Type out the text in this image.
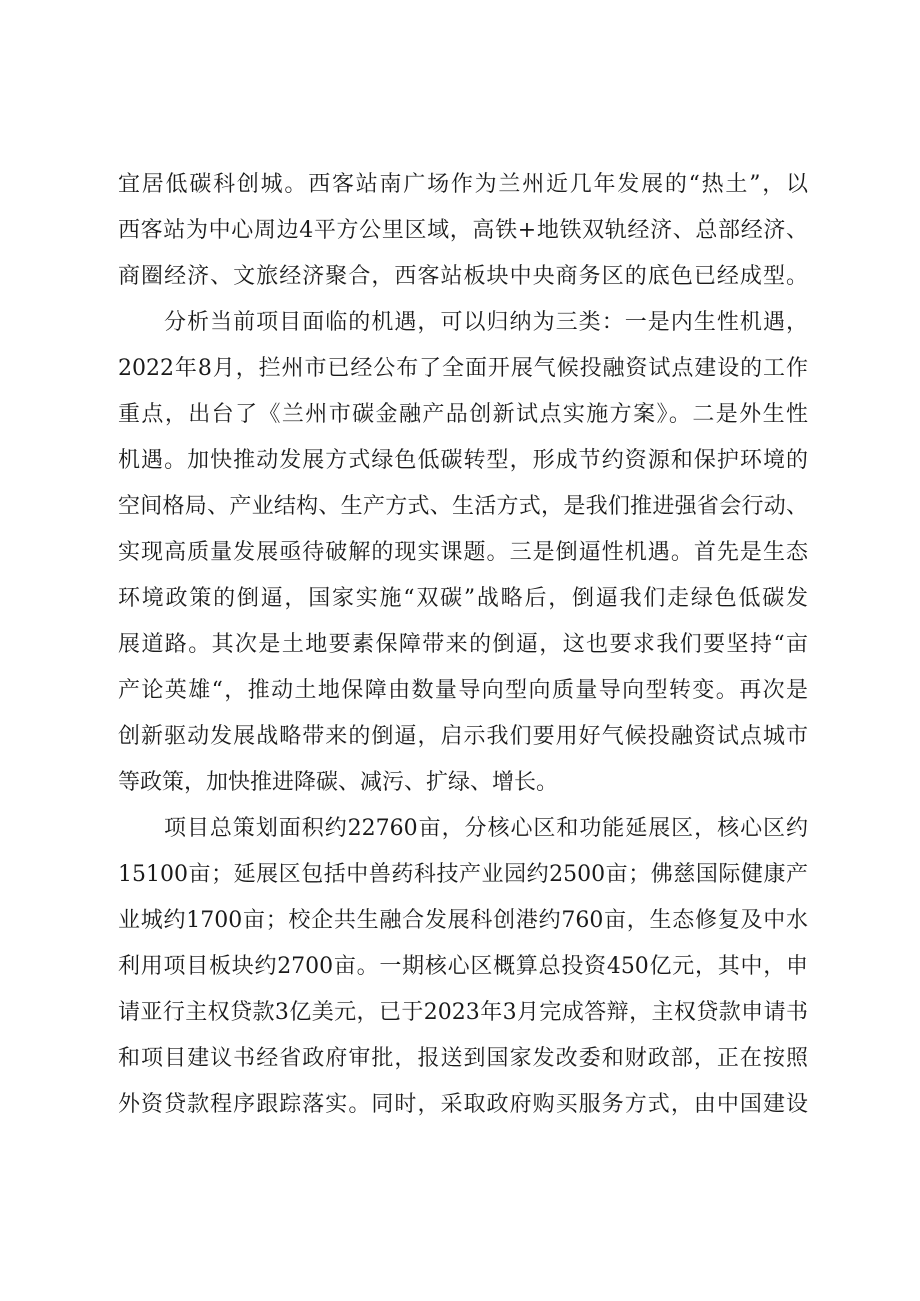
宜居低碳科创城。西客站南广场作为兰州近几年发展的“热土”，以
西客站为中心周边4平方公里区域，高铁+地铁双轨经济、总部经济、
商圈经济、文旅经济聚合，西客站板块中央商务区的底色已经成型。
分析当前项目面临的机遇，可以归纳为三类：一是内生性机遇，
2022年8月，拦州市已经公布了全面开展气候投融资试点建设的工作
重点，出台了《兰州市碳金融产品创新试点实施方案》。二是外生性
机遇。加快推动发展方式绿色低碳转型，形成节约资源和保护环境的
空间格局、产业结构、生产方式、生活方式，是我们推进强省会行动、
实现高质量发展亟待破解的现实课题。三是倒逼性机遇。首先是生态
环境政策的倒逼，国家实施“双碳”战略后，倒逼我们走绿色低碳发
展道路。其次是土地要素保障带来的倒逼，这也要求我们要坚持“亩
产论英雄“，推动土地保障由数量导向型向质量导向型转变。再次是
创新驱动发展战略带来的倒逼，启示我们要用好气候投融资试点城市
等政策，加快推进降碳、减污、扩绿、增长。
项目总策划面积约22760亩，分核心区和功能延展区，核心区约
15100亩；延展区包括中兽药科技产业园约2500亩；佛慈国际健康产
业城约1700亩；校企共生融合发展科创港约760亩，生态修复及中水
利用项目板块约2700亩。一期核心区概算总投资450亿元，其中，申
请亚行主权贷款3亿美元，已于2023年3月完成答辩，主权贷款申请书
和项目建议书经省政府审批，报送到国家发改委和财政部，正在按照
外资贷款程序跟踪落实。同时，采取政府购买服务方式，由中国建设
